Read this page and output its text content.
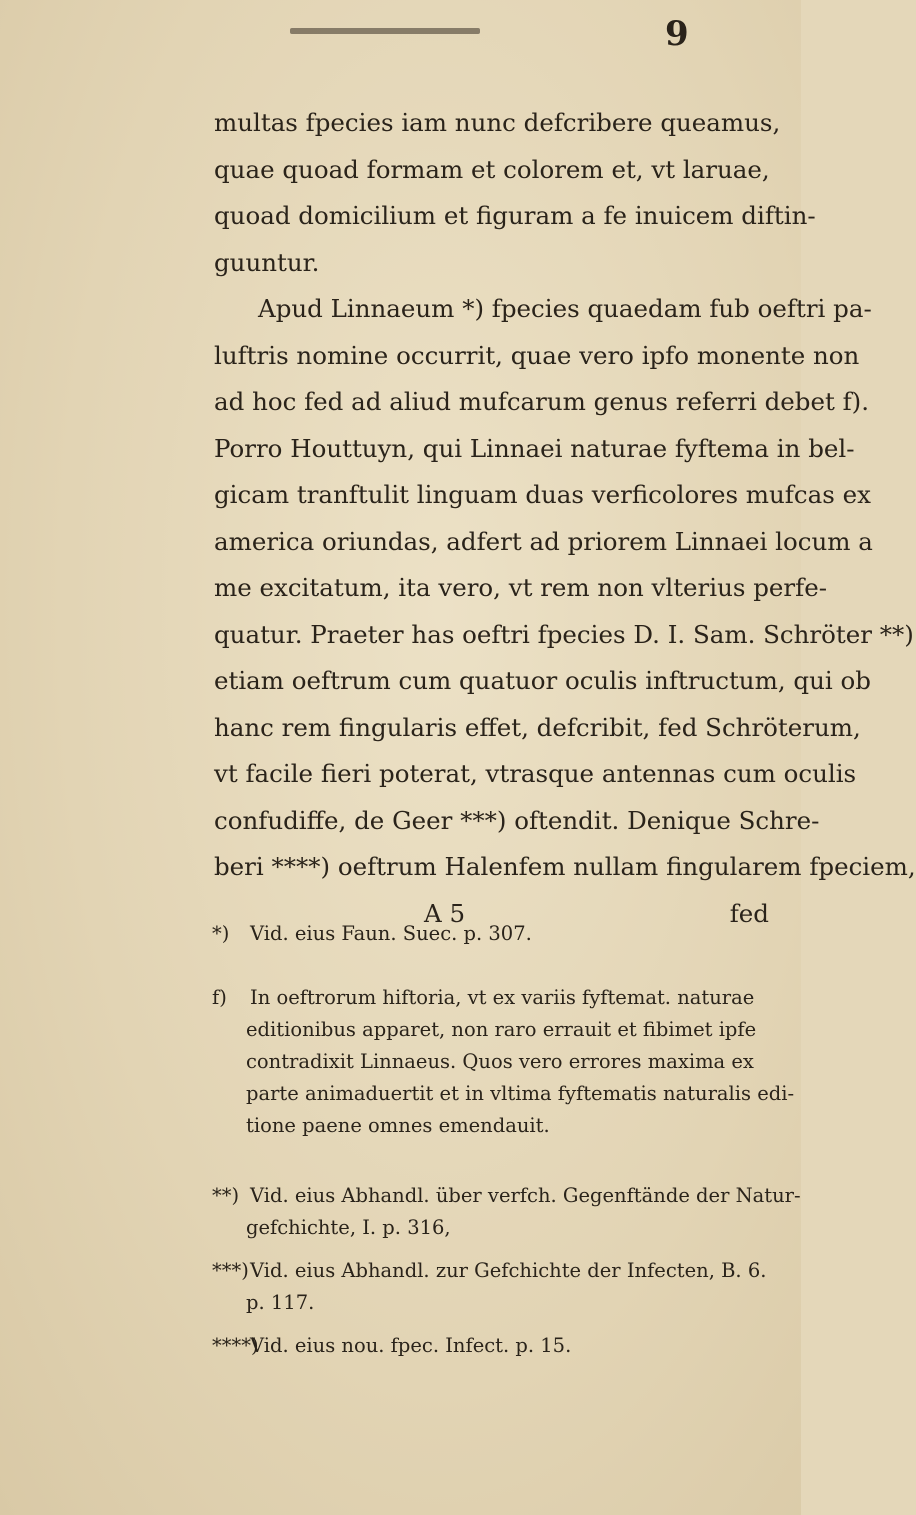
9
multas fpecies iam nunc defcribere queamus,
quae quoad formam et colorem et, vt laruae,
quoad domicilium et figuram a fe inuicem diftin-
guuntur.
Apud Linnaeum *) fpecies quaedam fub oeftri pa-
luftris nomine occurrit, quae vero ipfo monente non
ad hoc fed ad aliud mufcarum genus referri debet f).
Porro Houttuyn, qui Linnaei naturae fyftema in bel-
gicam tranftulit linguam duas verficolores mufcas ex
america oriundas, adfert ad priorem Linnaei locum a
me excitatum, ita vero, vt rem non vlterius perfe-
quatur. Praeter has oeftri fpecies D. I. Sam. Schröter **)
etiam oeftrum cum quatuor oculis inftructum, qui ob
hanc rem fingularis effet, defcribit, fed Schröterum,
vt facile fieri poterat, vtrasque antennas cum oculis
confudiffe, de Geer ***) oftendit. Denique Schre-
beri ****) oeftrum Halenfem nullam fingularem fpeciem,
A 5	fed
*) Vid. eius Faun. Suec. p. 307.
f) In oeftrorum hiftoria, vt ex variis fyftemat. naturae
editionibus apparet, non raro errauit et fibimet ipfe
contradixit Linnaeus. Quos vero errores maxima ex
parte animaduertit et in vltima fyftematis naturalis edi-
tione paene omnes emendauit.
**) Vid. eius Abhandl. über verfch. Gegenftände der Natur-
gefchichte, I. p. 316,
***)Vid. eius Abhandl. zur Gefchichte der Infecten, B. 6.
p. 117.
****)Vid. eius nou. fpec. Infect. p. 15.
